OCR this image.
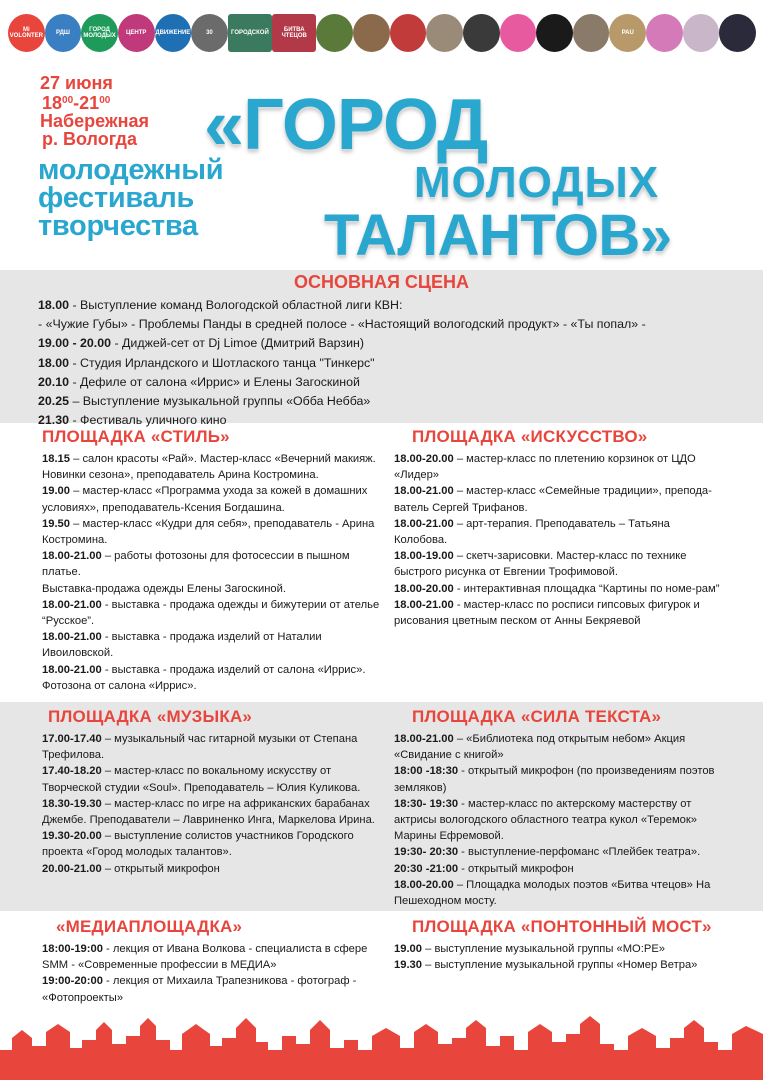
Mi VOLONTER
РДШ
ГОРОД МОЛОДЫХ
ЦЕНТР	ДВИЖЕНИЕ	30	ГОРОДСКОЙ
БИТВА ЧТЕЦОВ
PAU
27 июня
$18^{00}-21^{00}$
Набережная
р. Вологда
молодежный
фестиваль
творчества
«ГОРОД
МОЛОДЫХ
ТАЛАНТОВ»
ОСНОВНАЯ СЦЕНА

18.00 - Выступление команд Вологодской областной лиги КВН:

- «Чужие Губы» - Проблемы Панды в средней полосе - «Настоящий вологодский продукт» - «Ты попал» -

19.00 - 20.00 - Диджей-сет от Dj Limoe (Дмитрий Варзин)

18.00 - Студия Ирландского и Шотлаского танца "Тинкерс"

20.10 - Дефиле от салона «Иррис» и Елены Загоскиной

20.25 – Выступление музыкальной группы «Обба Небба»

21.30 - Фестиваль уличного кино

ПЛОЩАДКА «СТИЛЬ»

18.15 – салон красоты «Рай». Мастер-класс «Вечерний макияж. Новинки сезона», преподаватель Арина Костромина.

19.00 – мастер-класс «Программа ухода за кожей в домашних условиях», преподаватель-Ксения Богдашина.

19.50 – мастер-класс «Кудри для себя», преподаватель - Арина Костромина.

18.00-21.00 – работы фотозоны для фотосессии в пышном платье.

Выставка-продажа одежды Елены Загоскиной.

18.00-21.00 - выставка - продажа одежды и бижутерии от ателье “Русское”.

18.00-21.00 - выставка - продажа изделий от Наталии Ивоиловской.

18.00-21.00 - выставка - продажа изделий от салона «Иррис». Фотозона от салона «Иррис».

ПЛОЩАДКА «ИСКУССТВО»

18.00-20.00 – мастер-класс по плетению корзинок от ЦДО «Лидер»

18.00-21.00 – мастер-класс «Семейные традиции», препода-ватель Сергей Трифанов.

18.00-21.00 – арт-терапия. Преподаватель – Татьяна Колобова.

18.00-19.00 – скетч-зарисовки. Мастер-класс по технике быстрого рисунка от Евгении Трофимовой.

18.00-20.00 - интерактивная площадка “Картины по номе-рам”

18.00-21.00 - мастер-класс по росписи гипсовых фигурок и рисования цветным песком от Анны Бекряевой

ПЛОЩАДКА «МУЗЫКА»

17.00-17.40 – музыкальный час гитарной музыки от Степана Трефилова.

17.40-18.20 – мастер-класс по вокальному искусству от Творческой студии «Soul». Преподаватель – Юлия Куликова.

18.30-19.30 – мастер-класс по игре на африканских барабанах Джембе. Преподаватели – Лавриненко Инга, Маркелова Ирина.

19.30-20.00 – выступление солистов участников Городского проекта «Город молодых талантов».

20.00-21.00 – открытый микрофон

ПЛОЩАДКА «СИЛА ТЕКСТА»

18.00-21.00 – «Библиотека под открытым небом» Акция «Свидание с книгой»

18:00 -18:30 - открытый микрофон (по произведениям поэтов земляков)

18:30- 19:30 - мастер-класс по актерскому мастерству от актрисы вологодского областного театра кукол «Теремок» Марины Ефремовой.

19:30- 20:30 - выступление-перфоманс «Плейбек театра».

20:30 -21:00 - открытый микрофон

18.00-20.00 – Площадка молодых поэтов «Битва чтецов» На Пешеходном мосту.

«МЕДИАПЛОЩАДКА»

18:00-19:00 - лекция от Ивана Волкова - специалиста в сфере SMM - «Современные профессии в МЕДИА»

19:00-20:00 - лекция от Михаила Трапезникова - фотограф - «Фотопроекты»

ПЛОЩАДКА «ПОНТОННЫЙ МОСТ»

19.00 – выступление музыкальной группы «МО:РЕ»

19.30 – выступление музыкальной группы «Номер Ветра»
